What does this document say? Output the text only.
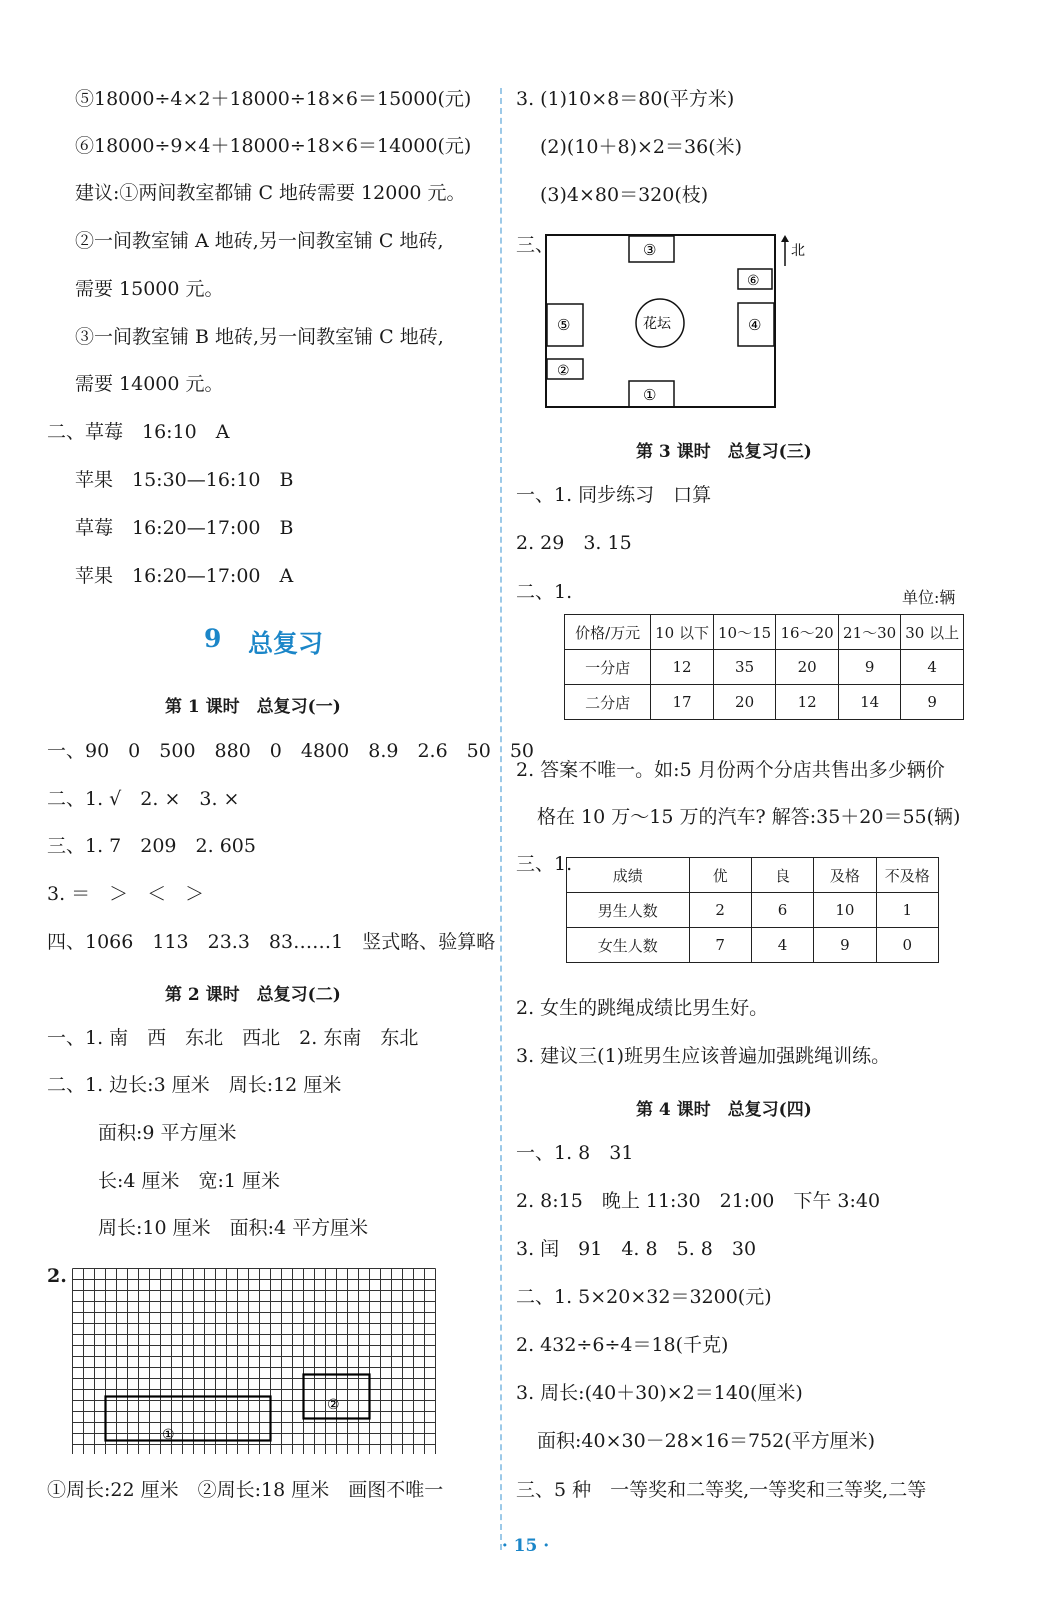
⑤18000÷4×2＋18000÷18×6＝15000(元)
⑥18000÷9×4＋18000÷18×6＝14000(元)
建议:①两间教室都铺 C 地砖需要 12000 元。
②一间教室铺 A 地砖,另一间教室铺 C 地砖,
需要 15000 元。
③一间教室铺 B 地砖,另一间教室铺 C 地砖,
需要 14000 元。
二、草莓　16:10　A
苹果　15:30—16:10　B
草莓　16:20—17:00　B
苹果　16:20—17:00　A
9 总复习
第 1 课时　总复习(一)
一、90　0　500　880　0　4800　8.9　2.6　50　50
二、1. √　2. ×　3. ×
三、1. 7　209　2. 605
3. ＝　＞　＜　＞
四、1066　113　23.3　83……1　竖式略、验算略
第 2 课时　总复习(二)
一、1. 南　西　东北　西北　2. 东南　东北
二、1. 边长:3 厘米　周长:12 厘米
面积:9 平方厘米
长:4 厘米　宽:1 厘米
周长:10 厘米　面积:4 平方厘米
2.
①
②
①周长:22 厘米　②周长:18 厘米　画图不唯一
3. (1)10×8＝80(平方米)
(2)(10＋8)×2＝36(米)
(3)4×80＝320(枝)
三、	北
③
⑥
⑤	④
②
①
花坛
第 3 课时　总复习(三)
一、1. 同步练习　口算
2. 29　3. 15
二、1.	单位:辆
价格/万元	10 以下	10～15	16～20	21～30	30 以上
一分店	12	35	20	9	4
二分店	17	20	12	14	9
2. 答案不唯一。如:5 月份两个分店共售出多少辆价
格在 10 万～15 万的汽车? 解答:35＋20＝55(辆)
三、1.
成绩	优	良	及格	不及格
男生人数	2	6	10	1
女生人数	7	4	9	0
2. 女生的跳绳成绩比男生好。
3. 建议三(1)班男生应该普遍加强跳绳训练。
第 4 课时　总复习(四)
一、1. 8　31
2. 8:15　晚上 11:30　21:00　下午 3:40
3. 闰　91　4. 8　5. 8　30
二、1. 5×20×32＝3200(元)
2. 432÷6÷4＝18(千克)
3. 周长:(40＋30)×2＝140(厘米)
面积:40×30－28×16＝752(平方厘米)
三、5 种　一等奖和二等奖,一等奖和三等奖,二等
· 15 ·
